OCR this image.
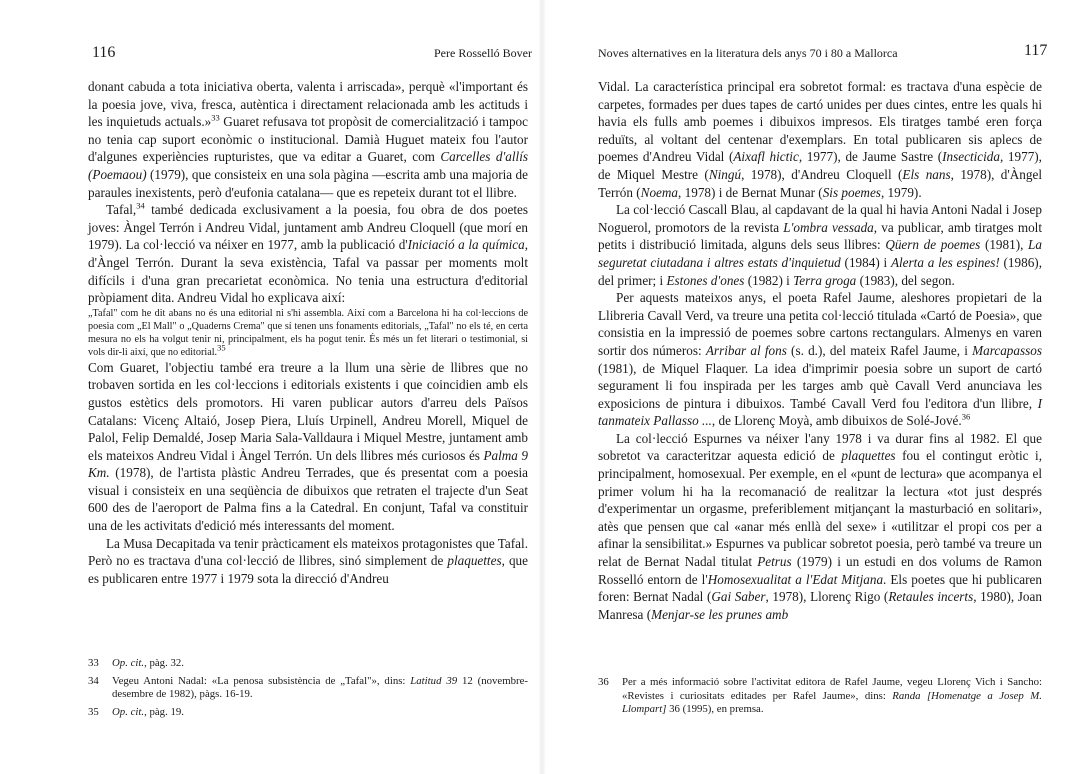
116	Pere Rosselló Bover

donant cabuda a tota iniciativa oberta, valenta i arriscada», perquè «l'important és la poesia jove, viva, fresca, autèntica i directament relacionada amb les actituds i les inquietuds actuals.»$^{33}$ Guaret refusava tot propòsit de comercialització i tampoc no tenia cap suport econòmic o institucional. Damià Huguet mateix fou l'autor d'algunes experiències rupturistes, que va editar a Guaret, com Carcelles d'allís (Poemaou) (1979), que consisteix en una sola pàgina —escrita amb una majoria de paraules inexistents, però d'eufonia catalana— que es repeteix durant tot el llibre.

Tafal,$^{34}$ també dedicada exclusivament a la poesia, fou obra de dos poetes joves: Àngel Terrón i Andreu Vidal, juntament amb Andreu Cloquell (que morí en 1979). La col·lecció va néixer en 1977, amb la publicació d'Iniciació a la química, d'Àngel Terrón. Durant la seva existència, Tafal va passar per moments molt difícils i d'una gran precarietat econòmica. No tenia una estructura d'editorial pròpiament dita. Andreu Vidal ho explicava així:

„Tafal" com he dit abans no és una editorial ni s'hi assembla. Així com a Barcelona hi ha col·leccions de poesia com „El Mall" o „Quaderns Crema" que sí tenen uns fonaments editorials, „Tafal" no els té, en certa mesura no els ha volgut tenir ni, principalment, els ha pogut tenir. És més un fet literari o testimonial, si vols dir-li així, que no editorial.$^{35}$

Com Guaret, l'objectiu també era treure a la llum una sèrie de llibres que no trobaven sortida en les col·leccions i editorials existents i que coincidien amb els gustos estètics dels promotors. Hi varen publicar autors d'arreu dels Països Catalans: Vicenç Altaió, Josep Piera, Lluís Urpinell, Andreu Morell, Miquel de Palol, Felip Demaldé, Josep Maria Sala-Valldaura i Miquel Mestre, juntament amb els mateixos Andreu Vidal i Àngel Terrón. Un dels llibres més curiosos és Palma 9 Km. (1978), de l'artista plàstic Andreu Terrades, que és presentat com a poesia visual i consisteix en una seqüència de dibuixos que retraten el trajecte d'un Seat 600 des de l'aeroport de Palma fins a la Catedral. En conjunt, Tafal va constituir una de les activitats d'edició més interessants del moment.

La Musa Decapitada va tenir pràcticament els mateixos protagonistes que Tafal. Però no es tractava d'una col·lecció de llibres, sinó simplement de plaquettes, que es publicaren entre 1977 i 1979 sota la direcció d'Andreu

33	Op. cit., pàg. 32.
34	Vegeu Antoni Nadal: «La penosa subsistència de „Tafal"», dins: Latitud 39 12 (novembre-desembre de 1982), pàgs. 16-19.
35	Op. cit., pàg. 19.
Noves alternatives en la literatura dels anys 70 i 80 a Mallorca	117

Vidal. La característica principal era sobretot formal: es tractava d'una espècie de carpetes, formades per dues tapes de cartó unides per dues cintes, entre les quals hi havia els fulls amb poemes i dibuixos impresos. Els tiratges també eren força reduïts, al voltant del centenar d'exemplars. En total publicaren sis aplecs de poemes d'Andreu Vidal (Aixafl hictic, 1977), de Jaume Sastre (Insecticida, 1977), de Miquel Mestre (Ningú, 1978), d'Andreu Cloquell (Els nans, 1978), d'Àngel Terrón (Noema, 1978) i de Bernat Munar (Sis poemes, 1979).

La col·lecció Cascall Blau, al capdavant de la qual hi havia Antoni Nadal i Josep Noguerol, promotors de la revista L'ombra vessada, va publicar, amb tiratges molt petits i distribució limitada, alguns dels seus llibres: Qüern de poemes (1981), La seguretat ciutadana i altres estats d'inquietud (1984) i Alerta a les espines! (1986), del primer; i Estones d'ones (1982) i Terra groga (1983), del segon.

Per aquests mateixos anys, el poeta Rafel Jaume, aleshores propietari de la Llibreria Cavall Verd, va treure una petita col·lecció titulada «Cartó de Poesia», que consistia en la impressió de poemes sobre cartons rectangulars. Almenys en varen sortir dos números: Arribar al fons (s. d.), del mateix Rafel Jaume, i Marcapassos (1981), de Miquel Flaquer. La idea d'imprimir poesia sobre un suport de cartó segurament li fou inspirada per les targes amb què Cavall Verd anunciava les exposicions de pintura i dibuixos. També Cavall Verd fou l'editora d'un llibre, I tanmateix Pallasso ..., de Llorenç Moyà, amb dibuixos de Solé-Jové.$^{36}$

La col·lecció Espurnes va néixer l'any 1978 i va durar fins al 1982. El que sobretot va caracteritzar aquesta edició de plaquettes fou el contingut eròtic i, principalment, homosexual. Per exemple, en el «punt de lectura» que acompanya el primer volum hi ha la recomanació de realitzar la lectura «tot just després d'experimentar un orgasme, preferiblement mitjançant la masturbació en solitari», atès que pensen que cal «anar més enllà del sexe» i «utilitzar el propi cos per a afinar la sensibilitat.» Espurnes va publicar sobretot poesia, però també va treure un relat de Bernat Nadal titulat Petrus (1979) i un estudi en dos volums de Ramon Rosselló entorn de l'Homosexualitat a l'Edat Mitjana. Els poetes que hi publicaren foren: Bernat Nadal (Gai Saber, 1978), Llorenç Rigo (Retaules incerts, 1980), Joan Manresa (Menjar-se les prunes amb

36	Per a més informació sobre l'activitat editora de Rafel Jaume, vegeu Llorenç Vich i Sancho: «Revistes i curiositats editades per Rafel Jaume», dins: Randa [Homenatge a Josep M. Llompart] 36 (1995), en premsa.
